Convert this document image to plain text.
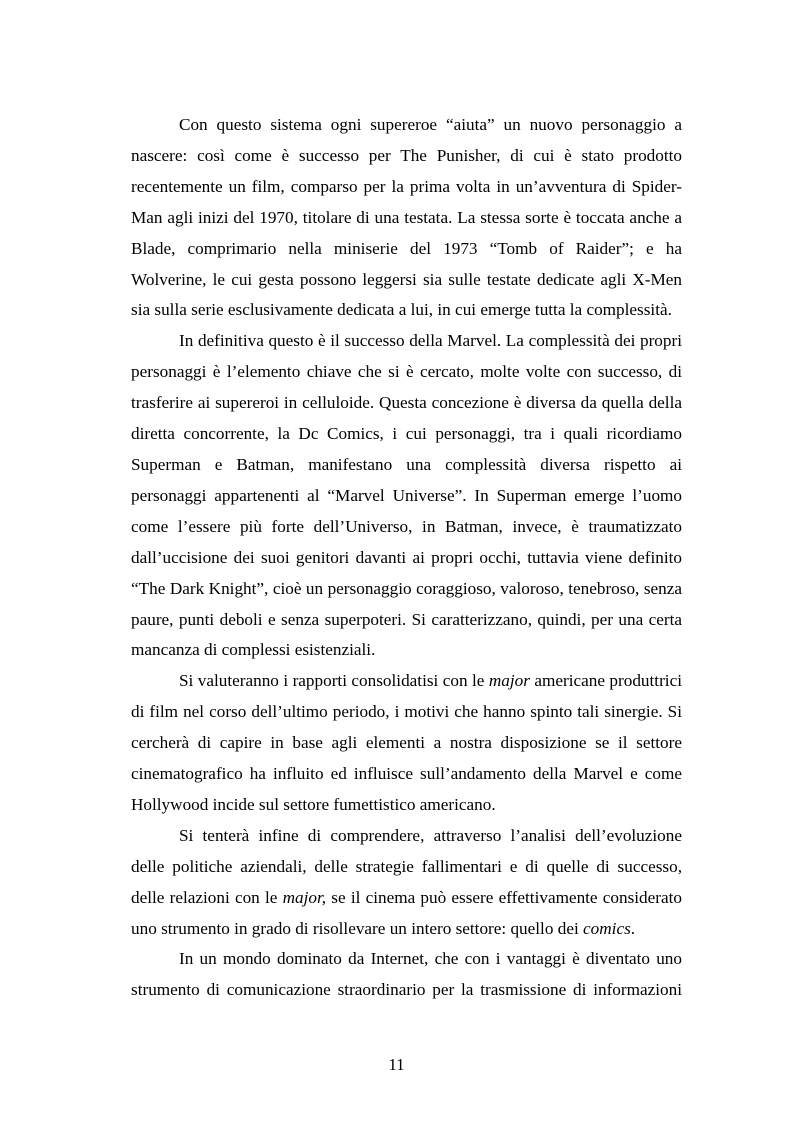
Con questo sistema ogni supereroe “aiuta” un nuovo personaggio a nascere: così come è successo per The Punisher, di cui è stato prodotto recentemente un film, comparso per la prima volta in un’avventura di Spider-Man agli inizi del 1970, titolare di una testata. La stessa sorte è toccata anche a Blade, comprimario nella miniserie del 1973 “Tomb of Raider”; e ha Wolverine, le cui gesta possono leggersi sia sulle testate dedicate agli X-Men sia sulla serie esclusivamente dedicata a lui, in cui emerge tutta la complessità.

In definitiva questo è il successo della Marvel. La complessità dei propri personaggi è l’elemento chiave che si è cercato, molte volte con successo, di trasferire ai supereroi in celluloide. Questa concezione è diversa da quella della diretta concorrente, la Dc Comics, i cui personaggi, tra i quali ricordiamo Superman e Batman, manifestano una complessità diversa rispetto ai personaggi appartenenti al “Marvel Universe”. In Superman emerge l’uomo come l’essere più forte dell’Universo, in Batman, invece, è traumatizzato dall’uccisione dei suoi genitori davanti ai propri occhi, tuttavia viene definito “The Dark Knight”, cioè un personaggio coraggioso, valoroso, tenebroso, senza paure, punti deboli e senza superpoteri. Si caratterizzano, quindi, per una certa mancanza di complessi esistenziali.

Si valuteranno i rapporti consolidatisi con le major americane produttrici di film nel corso dell’ultimo periodo, i motivi che hanno spinto tali sinergie. Si cercherà di capire in base agli elementi a nostra disposizione se il settore cinematografico ha influito ed influisce sull’andamento della Marvel e come Hollywood incide sul settore fumettistico americano.

Si tenterà infine di comprendere, attraverso l’analisi dell’evoluzione delle politiche aziendali, delle strategie fallimentari e di quelle di successo, delle relazioni con le major, se il cinema può essere effettivamente considerato uno strumento in grado di risollevare un intero settore: quello dei comics.

In un mondo dominato da Internet, che con i vantaggi è diventato uno strumento di comunicazione straordinario per la trasmissione di informazioni

11
